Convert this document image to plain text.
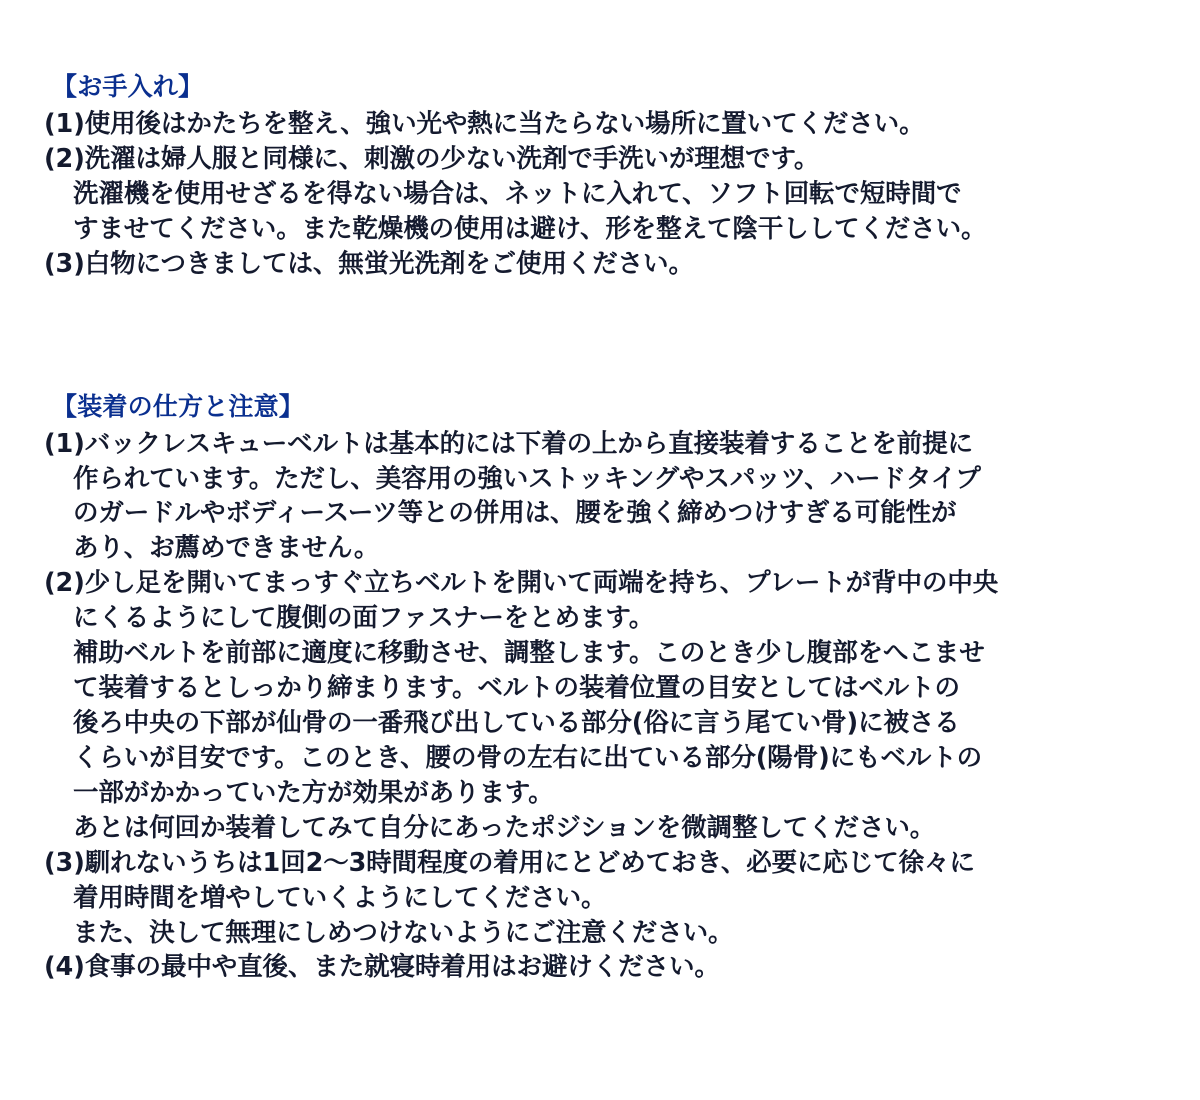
【お手入れ】
(1)使用後はかたちを整え、強い光や熱に当たらない場所に置いてください。
(2)洗濯は婦人服と同様に、刺激の少ない洗剤で手洗いが理想です。
洗濯機を使用せざるを得ない場合は、ネットに入れて、ソフト回転で短時間で
すませてください。また乾燥機の使用は避け、形を整えて陰干ししてください。
(3)白物につきましては、無蛍光洗剤をご使用ください。
【装着の仕方と注意】
(1)バックレスキューベルトは基本的には下着の上から直接装着することを前提に
作られています。ただし、美容用の強いストッキングやスパッツ、ハードタイプ
のガードルやボディースーツ等との併用は、腰を強く締めつけすぎる可能性が
あり、お薦めできません。
(2)少し足を開いてまっすぐ立ちベルトを開いて両端を持ち、プレートが背中の中央
にくるようにして腹側の面ファスナーをとめます。
補助ベルトを前部に適度に移動させ、調整します。このとき少し腹部をへこませ
て装着するとしっかり締まります。ベルトの装着位置の目安としてはベルトの
後ろ中央の下部が仙骨の一番飛び出している部分(俗に言う尾てい骨)に被さる
くらいが目安です。このとき、腰の骨の左右に出ている部分(陽骨)にもベルトの
一部がかかっていた方が効果があります。
あとは何回か装着してみて自分にあったポジションを微調整してください。
(3)馴れないうちは1回2〜3時間程度の着用にとどめておき、必要に応じて徐々に
着用時間を増やしていくようにしてください。
また、決して無理にしめつけないようにご注意ください。
(4)食事の最中や直後、また就寝時着用はお避けください。
